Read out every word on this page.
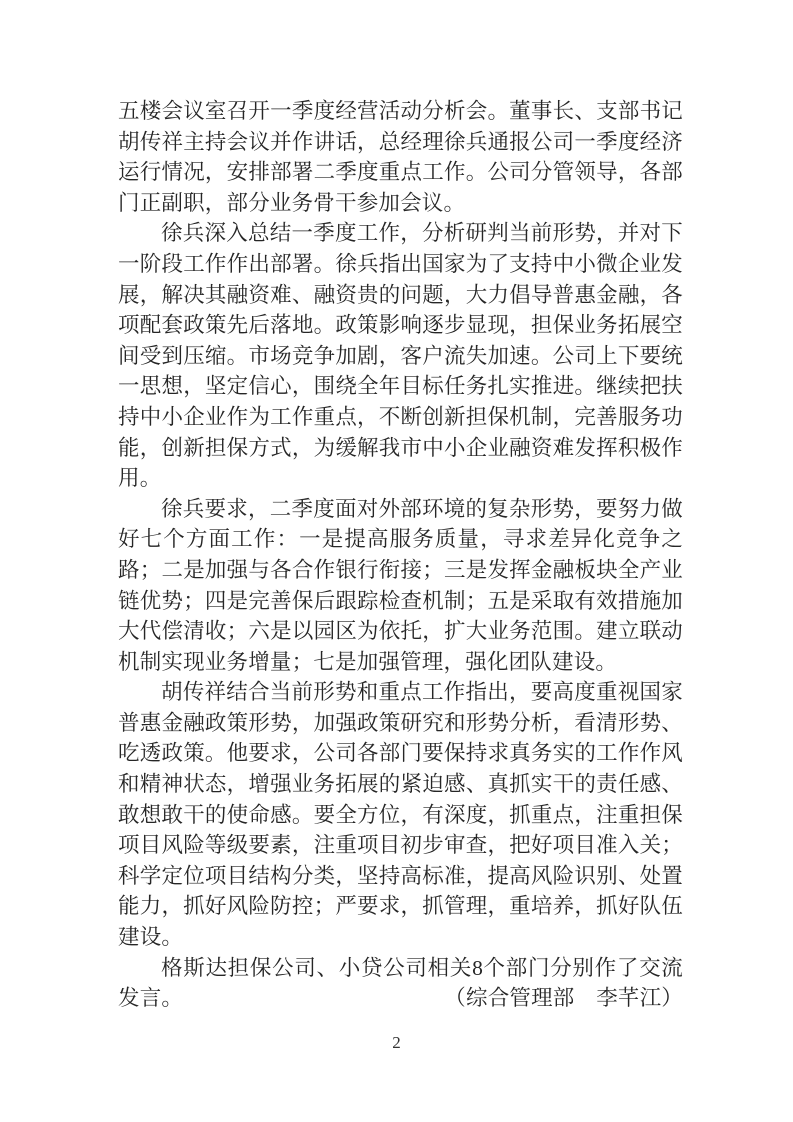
五楼会议室召开一季度经营活动分析会。董事长、支部书记胡传祥主持会议并作讲话，总经理徐兵通报公司一季度经济运行情况，安排部署二季度重点工作。公司分管领导，各部门正副职，部分业务骨干参加会议。

徐兵深入总结一季度工作，分析研判当前形势，并对下一阶段工作作出部署。徐兵指出国家为了支持中小微企业发展，解决其融资难、融资贵的问题，大力倡导普惠金融，各项配套政策先后落地。政策影响逐步显现，担保业务拓展空间受到压缩。市场竞争加剧，客户流失加速。公司上下要统一思想，坚定信心，围绕全年目标任务扎实推进。继续把扶持中小企业作为工作重点，不断创新担保机制，完善服务功能，创新担保方式，为缓解我市中小企业融资难发挥积极作用。

徐兵要求，二季度面对外部环境的复杂形势，要努力做好七个方面工作：一是提高服务质量，寻求差异化竞争之路；二是加强与各合作银行衔接；三是发挥金融板块全产业链优势；四是完善保后跟踪检查机制；五是采取有效措施加大代偿清收；六是以园区为依托，扩大业务范围。建立联动机制实现业务增量；七是加强管理，强化团队建设。

胡传祥结合当前形势和重点工作指出，要高度重视国家普惠金融政策形势，加强政策研究和形势分析，看清形势、吃透政策。他要求，公司各部门要保持求真务实的工作作风和精神状态，增强业务拓展的紧迫感、真抓实干的责任感、敢想敢干的使命感。要全方位，有深度，抓重点，注重担保项目风险等级要素，注重项目初步审查，把好项目准入关；科学定位项目结构分类，坚持高标准，提高风险识别、处置能力，抓好风险防控；严要求，抓管理，重培养，抓好队伍建设。

格斯达担保公司、小贷公司相关8个部门分别作了交流发言。	（综合管理部　李芊江）
2
